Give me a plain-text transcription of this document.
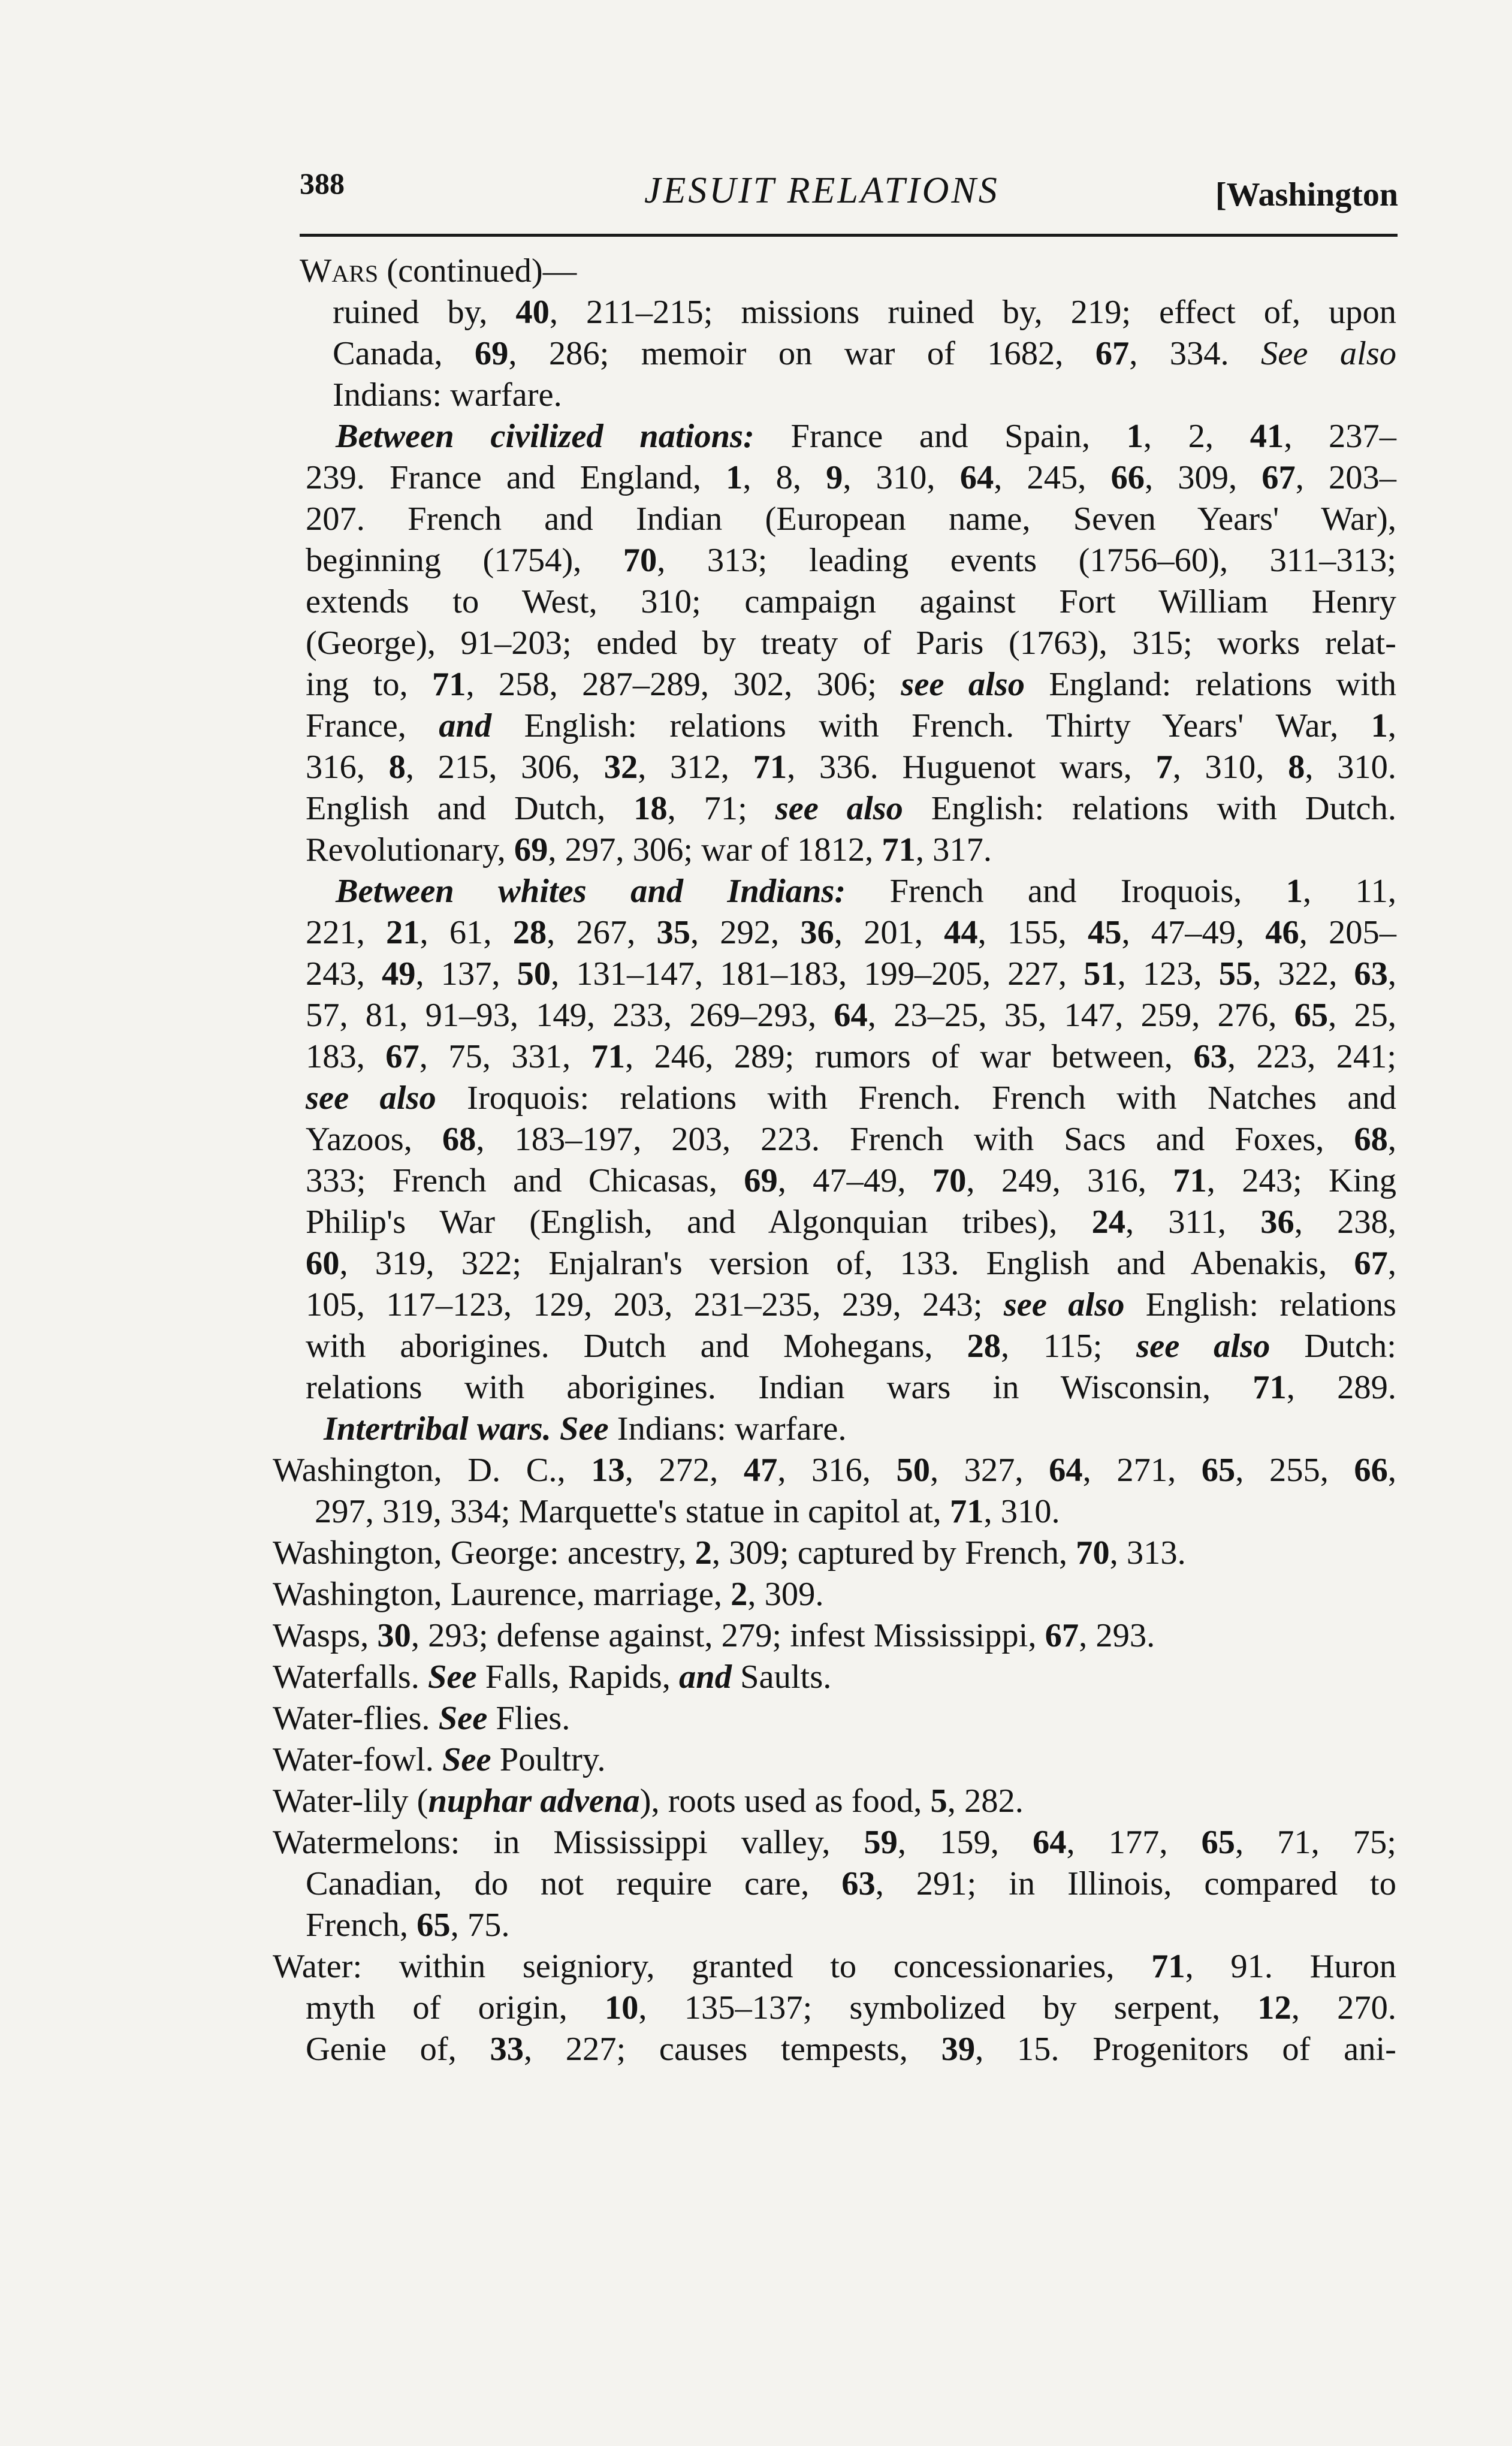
388	JESUIT RELATIONS	[Washington
Wars (continued)—
ruined by, 40, 211–215; missions ruined by, 219; effect of, upon
Canada, 69, 286; memoir on war of 1682, 67, 334. See also
Indians: warfare.
Between civilized nations: France and Spain, 1, 2, 41, 237–
239. France and England, 1, 8, 9, 310, 64, 245, 66, 309, 67, 203–
207. French and Indian (European name, Seven Years' War),
beginning (1754), 70, 313; leading events (1756–60), 311–313;
extends to West, 310; campaign against Fort William Henry
(George), 91–203; ended by treaty of Paris (1763), 315; works relat-
ing to, 71, 258, 287–289, 302, 306; see also England: relations with
France, and English: relations with French. Thirty Years' War, 1,
316, 8, 215, 306, 32, 312, 71, 336. Huguenot wars, 7, 310, 8, 310.
English and Dutch, 18, 71; see also English: relations with Dutch.
Revolutionary, 69, 297, 306; war of 1812, 71, 317.
Between whites and Indians: French and Iroquois, 1, 11,
221, 21, 61, 28, 267, 35, 292, 36, 201, 44, 155, 45, 47–49, 46, 205–
243, 49, 137, 50, 131–147, 181–183, 199–205, 227, 51, 123, 55, 322, 63,
57, 81, 91–93, 149, 233, 269–293, 64, 23–25, 35, 147, 259, 276, 65, 25,
183, 67, 75, 331, 71, 246, 289; rumors of war between, 63, 223, 241;
see also Iroquois: relations with French. French with Natches and
Yazoos, 68, 183–197, 203, 223. French with Sacs and Foxes, 68,
333; French and Chicasas, 69, 47–49, 70, 249, 316, 71, 243; King
Philip's War (English, and Algonquian tribes), 24, 311, 36, 238,
60, 319, 322; Enjalran's version of, 133. English and Abenakis, 67,
105, 117–123, 129, 203, 231–235, 239, 243; see also English: relations
with aborigines. Dutch and Mohegans, 28, 115; see also Dutch:
relations with aborigines. Indian wars in Wisconsin, 71, 289.
Intertribal wars. See Indians: warfare.
Washington, D. C., 13, 272, 47, 316, 50, 327, 64, 271, 65, 255, 66,
297, 319, 334; Marquette's statue in capitol at, 71, 310.
Washington, George: ancestry, 2, 309; captured by French, 70, 313.
Washington, Laurence, marriage, 2, 309.
Wasps, 30, 293; defense against, 279; infest Mississippi, 67, 293.
Waterfalls. See Falls, Rapids, and Saults.
Water-flies. See Flies.
Water-fowl. See Poultry.
Water-lily (nuphar advena), roots used as food, 5, 282.
Watermelons: in Mississippi valley, 59, 159, 64, 177, 65, 71, 75;
Canadian, do not require care, 63, 291; in Illinois, compared to
French, 65, 75.
Water: within seigniory, granted to concessionaries, 71, 91. Huron
myth of origin, 10, 135–137; symbolized by serpent, 12, 270.
Genie of, 33, 227; causes tempests, 39, 15. Progenitors of ani-
